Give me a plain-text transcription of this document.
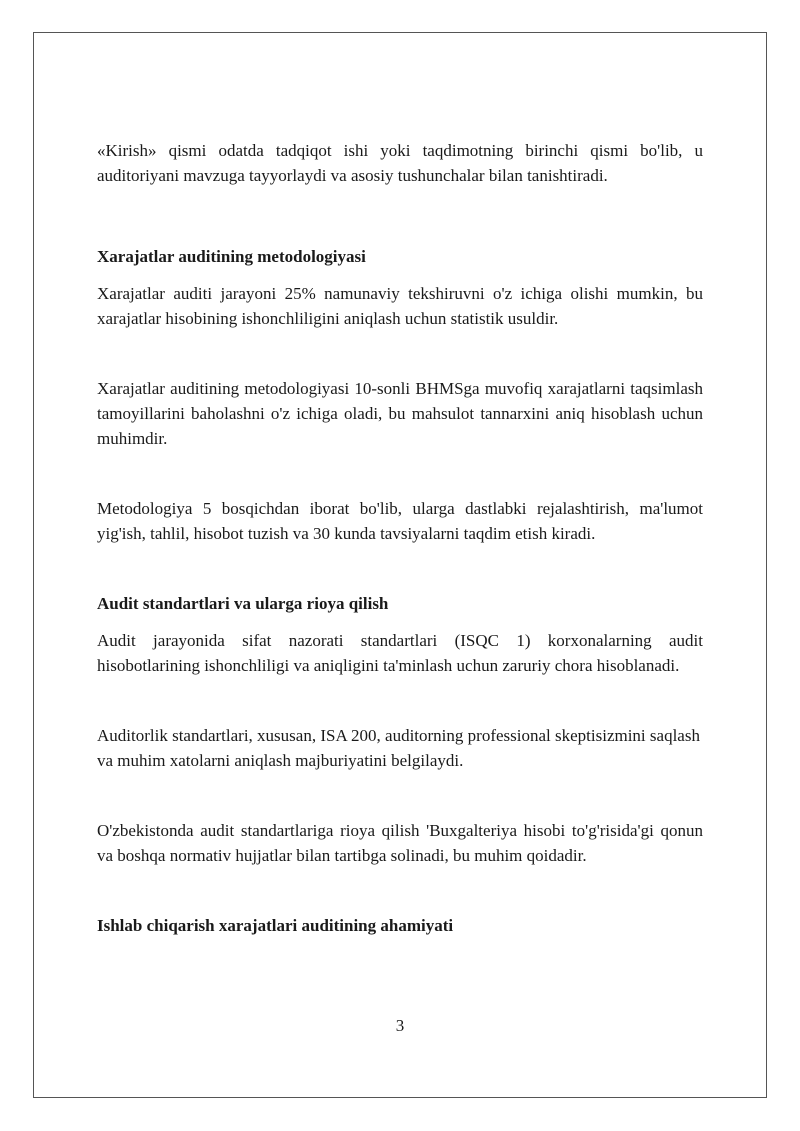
«Kirish» qismi odatda tadqiqot ishi yoki taqdimotning birinchi qismi bo'lib, u auditoriyani mavzuga tayyorlaydi va asosiy tushunchalar bilan tanishtiradi.

Xarajatlar auditining metodologiyasi

Xarajatlar auditi jarayoni 25% namunaviy tekshiruvni o'z ichiga olishi mumkin, bu xarajatlar hisobining ishonchliligini aniqlash uchun statistik usuldir.

Xarajatlar auditining metodologiyasi 10-sonli BHMSga muvofiq xarajatlarni taqsimlash tamoyillarini baholashni o'z ichiga oladi, bu mahsulot tannarxini aniq hisoblash uchun muhimdir.

Metodologiya 5 bosqichdan iborat bo'lib, ularga dastlabki rejalashtirish, ma'lumot yig'ish, tahlil, hisobot tuzish va 30 kunda tavsiyalarni taqdim etish kiradi.

Audit standartlari va ularga rioya qilish

Audit jarayonida sifat nazorati standartlari (ISQC 1) korxonalarning audit hisobotlarining ishonchliligi va aniqligini ta'minlash uchun zaruriy chora hisoblanadi.

Auditorlik standartlari, xususan, ISA 200, auditorning professional skeptisizmini saqlash va muhim xatolarni aniqlash majburiyatini belgilaydi.

O'zbekistonda audit standartlariga rioya qilish 'Buxgalteriya hisobi to'g'risida'gi qonun va boshqa normativ hujjatlar bilan tartibga solinadi, bu muhim qoidadir.

Ishlab chiqarish xarajatlari auditining ahamiyati
3
